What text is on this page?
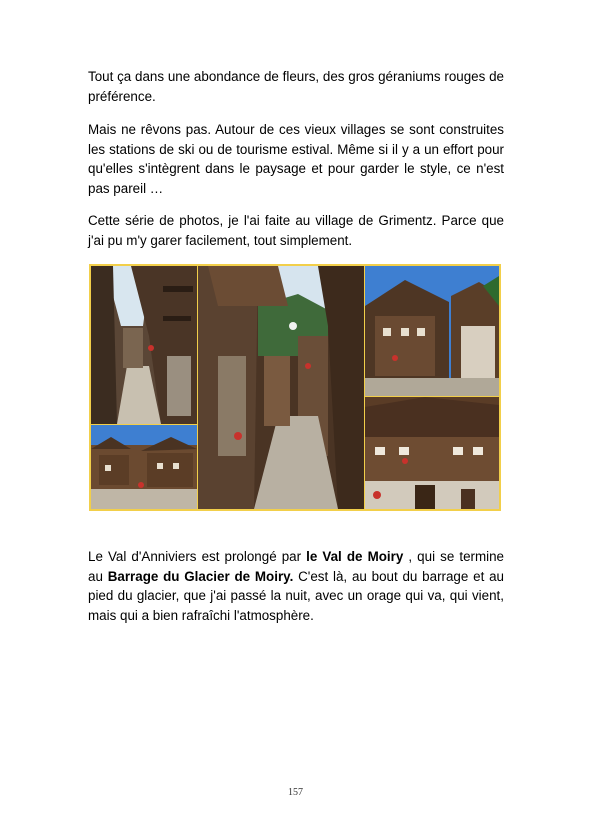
Tout ça dans une abondance de fleurs, des gros géraniums rouges de préférence.

Mais ne rêvons pas. Autour de ces vieux villages se sont construites les stations de ski ou de tourisme estival. Même si il y a un effort pour qu'elles s'intègrent dans le paysage et pour garder le style, ce n'est pas pareil …

Cette série de photos, je l'ai faite au village de Grimentz. Parce que j'ai pu m'y garer facilement, tout simplement.

Le Val d'Anniviers est prolongé par le Val de Moiry , qui se termine au Barrage du Glacier de Moiry. C'est là, au bout du barrage et au pied du glacier, que j'ai passé la nuit, avec un orage qui va, qui vient, mais qui a bien rafraîchi l'atmosphère.

157
